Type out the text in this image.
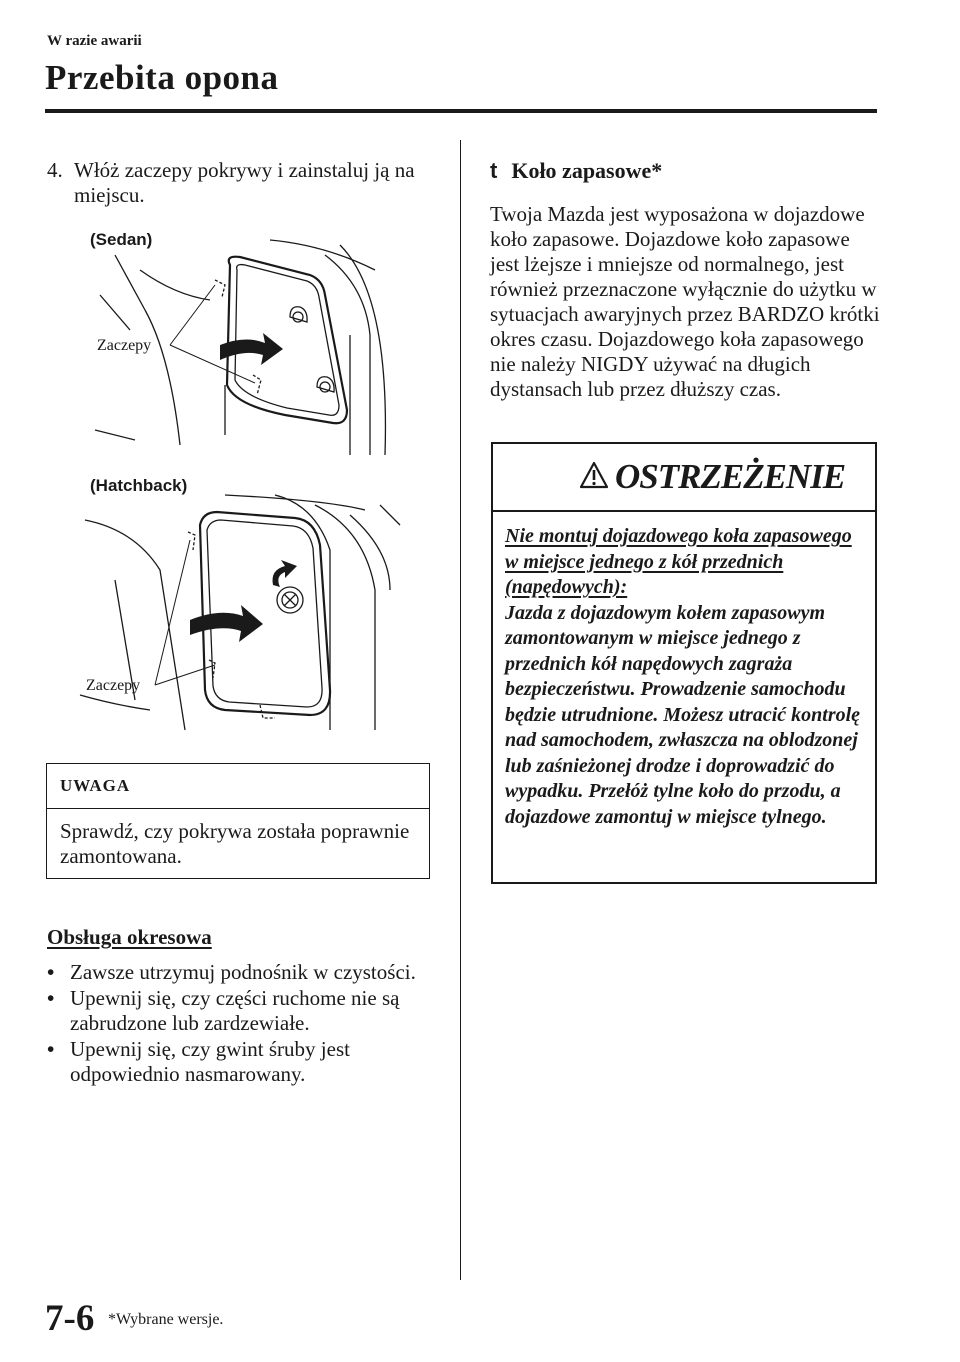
W razie awarii
Przebita opona
4. Włóż zaczepy pokrywy i zainstaluj ją na miejscu.
(Sedan)
Zaczepy
(Hatchback)
Zaczepy
UWAGA
Sprawdź, czy pokrywa została poprawnie zamontowana.
Obsługa okresowa
• Zawsze utrzymuj podnośnik w czystości.
• Upewnij się, czy części ruchome nie są zabrudzone lub zardzewiałe.
• Upewnij się, czy gwint śruby jest odpowiednio nasmarowany.
t Koło zapasowe*
Twoja Mazda jest wyposażona w dojazdowe koło zapasowe. Dojazdowe koło zapasowe jest lżejsze i mniejsze od normalnego, jest również przeznaczone wyłącznie do użytku w sytuacjach awaryjnych przez BARDZO krótki okres czasu. Dojazdowego koła zapasowego nie należy NIGDY używać na długich dystansach lub przez dłuższy czas.
OSTRZEŻENIE
Nie montuj dojazdowego koła zapasowego w miejsce jednego z kół przednich (napędowych):
Jazda z dojazdowym kołem zapasowym zamontowanym w miejsce jednego z przednich kół napędowych zagraża bezpieczeństwu. Prowadzenie samochodu będzie utrudnione. Możesz utracić kontrolę nad samochodem, zwłaszcza na oblodzonej lub zaśnieżonej drodze i doprowadzić do wypadku. Przełóż tylne koło do przodu, a dojazdowe zamontuj w miejsce tylnego.
7-6 *Wybrane wersje.
